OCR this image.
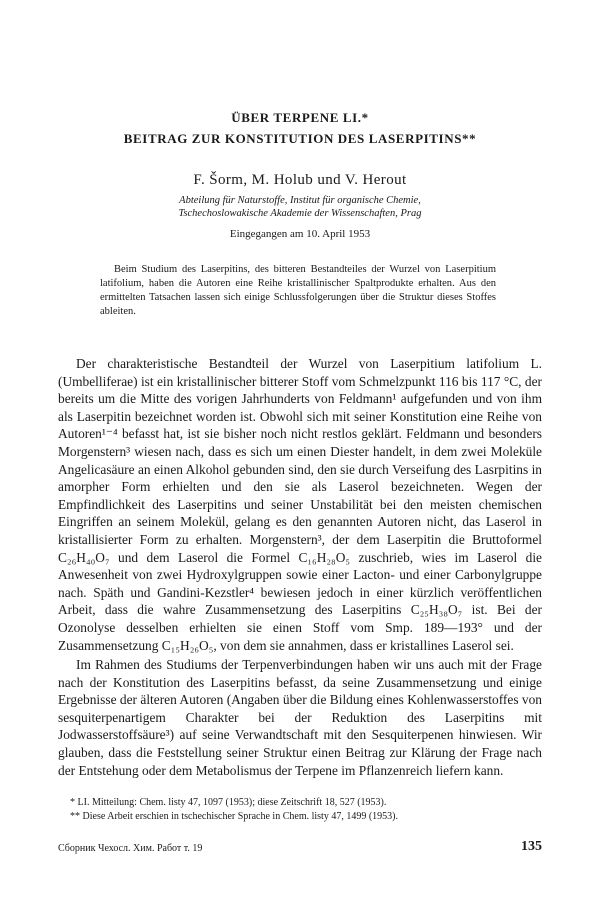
ÜBER TERPENE LI.*
BEITRAG ZUR KONSTITUTION DES LASERPITINS**
F. Šorm, M. Holub und V. Herout
Abteilung für Naturstoffe, Institut für organische Chemie,
Tschechoslowakische Akademie der Wissenschaften, Prag
Eingegangen am 10. April 1953
Beim Studium des Laserpitins, des bitteren Bestandteiles der Wurzel von Laserpitium latifolium, haben die Autoren eine Reihe kristallinischer Spaltprodukte erhalten. Aus den ermittelten Tatsachen lassen sich einige Schlussfolgerungen über die Struktur dieses Stoffes ableiten.

Der charakteristische Bestandteil der Wurzel von Laserpitium latifolium L. (Umbelliferae) ist ein kristallinischer bitterer Stoff vom Schmelzpunkt 116 bis 117 °C, der bereits um die Mitte des vorigen Jahrhunderts von Feldmann¹ aufgefunden und von ihm als Laserpitin bezeichnet worden ist. Obwohl sich mit seiner Konstitution eine Reihe von Autoren¹⁻⁴ befasst hat, ist sie bisher noch nicht restlos geklärt. Feldmann und besonders Morgenstern³ wiesen nach, dass es sich um einen Diester handelt, in dem zwei Moleküle Angelicasäure an einen Alkohol gebunden sind, den sie durch Verseifung des Lasrpitins in amorpher Form erhielten und den sie als Laserol bezeichneten. Wegen der Empfindlichkeit des Laserpitins und seiner Unstabilität bei den meisten chemischen Eingriffen an seinem Molekül, gelang es den genannten Autoren nicht, das Laserol in kristallisierter Form zu erhalten. Morgenstern³, der dem Laserpitin die Bruttoformel C₂₆H₄₀O₇ und dem Laserol die Formel C₁₆H₂₈O₅ zuschrieb, wies im Laserol die Anwesenheit von zwei Hydroxylgruppen sowie einer Lacton- und einer Carbonylgruppe nach. Späth und Gandini-Kezstler⁴ bewiesen jedoch in einer kürzlich veröffentlichen Arbeit, dass die wahre Zusammensetzung des Laserpitins C₂₅H₃₈O₇ ist. Bei der Ozonolyse desselben erhielten sie einen Stoff vom Smp. 189—193° und der Zusammensetzung C₁₅H₂₆O₅, von dem sie annahmen, dass er kristallines Laserol sei.

Im Rahmen des Studiums der Terpenverbindungen haben wir uns auch mit der Frage nach der Konstitution des Laserpitins befasst, da seine Zusammensetzung und einige Ergebnisse der älteren Autoren (Angaben über die Bildung eines Kohlenwasserstoffes von sesquiterpenartigem Charakter bei der Reduktion des Laserpitins mit Jodwasserstoffsäure³) auf seine Verwandtschaft mit den Sesquiterpenen hinwiesen. Wir glauben, dass die Feststellung seiner Struktur einen Beitrag zur Klärung der Frage nach der Entstehung oder dem Metabolismus der Terpene im Pflanzenreich liefern kann.

* LI. Mitteilung: Chem. listy 47, 1097 (1953); diese Zeitschrift 18, 527 (1953).
** Diese Arbeit erschien in tschechischer Sprache in Chem. listy 47, 1499 (1953).
Сборник Чехосл. Хим. Работ т. 19	135
